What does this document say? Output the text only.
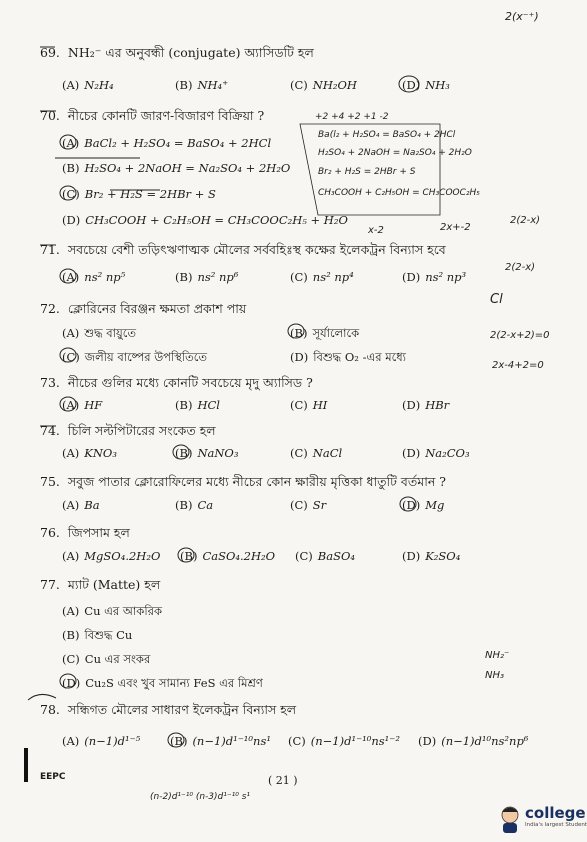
69. NH₂⁻ এর অনুবন্ধী (conjugate) অ্যাসিডটি হল
(A) N₂H₄	(B) NH₄⁺	(C) NH₂OH	(D) NH₃
70. নীচের কোনটি জারণ-বিজারণ বিক্রিয়া ?
(A) BaCl₂ + H₂SO₄ = BaSO₄ + 2HCl
(B) H₂SO₄ + 2NaOH = Na₂SO₄ + 2H₂O
(C) Br₂ + H₂S = 2HBr + S
(D) CH₃COOH + C₂H₅OH = CH₃COOC₂H₅ + H₂O
71. সবচেয়ে বেশী তড়িৎঋণাত্মক মৌলের সর্ববহিঃস্থ কক্ষের ইলেকট্রন বিন্যাস হবে
(A) ns² np⁵	(B) ns² np⁶	(C) ns² np⁴	(D) ns² np³
72. ক্লোরিনের বিরঞ্জন ক্ষমতা প্রকাশ পায়
(A) শুদ্ধ বায়ুতে	(B) সূর্যালোকে
(C) জলীয় বাষ্পের উপস্থিতিতে	(D) বিশুদ্ধ O₂ -এর মধ্যে
73. নীচের গুলির মধ্যে কোনটি সবচেয়ে মৃদু অ্যাসিড ?
(A) HF	(B) HCl	(C) HI	(D) HBr
74. চিলি সল্টপিটারের সংকেত হল
(A) KNO₃	(B) NaNO₃	(C) NaCl	(D) Na₂CO₃
75. সবুজ পাতার ক্লোরোফিলের মধ্যে নীচের কোন ক্ষারীয় মৃত্তিকা ধাতুটি বর্তমান ?
(A) Ba	(B) Ca	(C) Sr	(D) Mg
76. জিপসাম হল
(A) MgSO₄.2H₂O (B) CaSO₄.2H₂O (C) BaSO₄	(D) K₂SO₄
77. ম্যাট (Matte) হল
(A) Cu এর আকরিক
(B) বিশুদ্ধ Cu
(C) Cu এর সংকর
(D) Cu₂S এবং খুব সামান্য FeS এর মিশ্রণ
78. সন্ধিগত মৌলের সাধারণ ইলেকট্রন বিন্যাস হল
(A) (n−1)d¹⁻⁵	(B) (n−1)d¹⁻¹⁰ns¹ (C) (n−1)d¹⁻¹⁰ns¹⁻² (D) (n−1)d¹⁰ns²np⁶
( 21 )
EEPC
2(x⁻⁺)
2(2-x)
+2 +4 +2 +1 -2
Ba(l₂ + H₂SO₄ = BaSO₄ + 2HCl
H₂SO₄ + 2NaOH = Na₂SO₄ + 2H₂O
Br₂ + H₂S = 2HBr + S
CH₃COOH + C₂H₅OH = CH₃COOC₂H₅
x-2	2x+-2
2(2-x)
2(2-x+2)=0
2x-4+2=0
Cl
NH₂⁻
NH₃
(n-2)d¹⁻¹⁰ (n-3)d¹⁻¹⁰ s¹
college
India's largest Student
